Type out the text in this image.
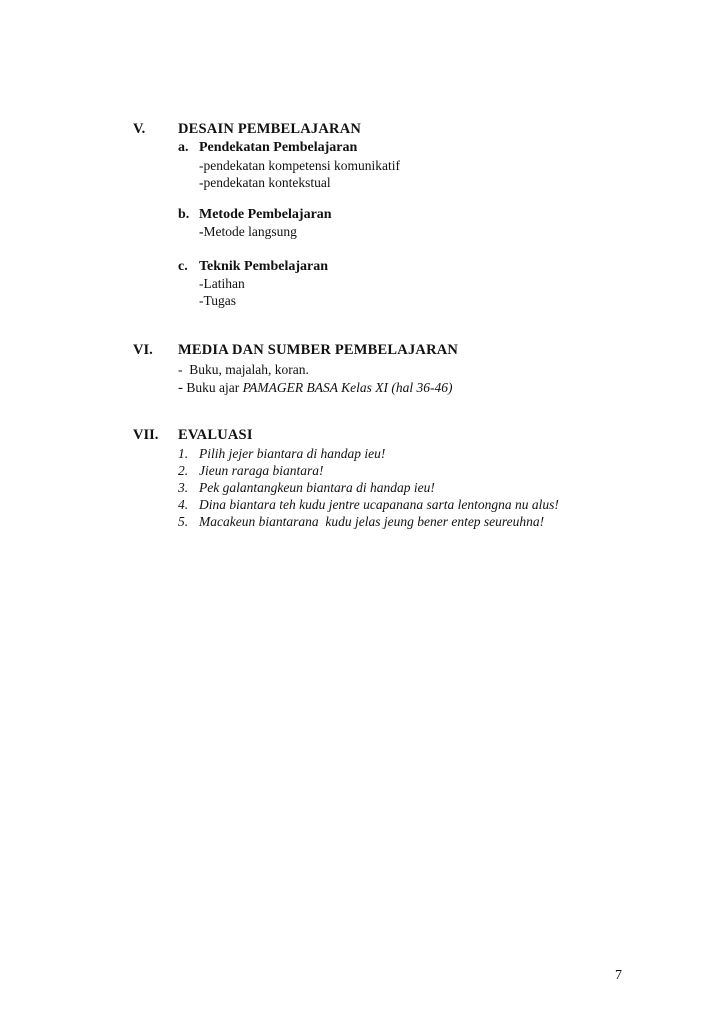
V. DESAIN PEMBELAJARAN
a. Pendekatan Pembelajaran
-pendekatan kompetensi komunikatif
-pendekatan kontekstual
b. Metode Pembelajaran
-Metode langsung
c. Teknik Pembelajaran
-Latihan
-Tugas
VI. MEDIA DAN SUMBER PEMBELAJARAN
- Buku, majalah, koran.
- Buku ajar PAMAGER BASA Kelas XI (hal 36-46)
VII. EVALUASI
1. Pilih jejer biantara di handap ieu!
2. Jieun raraga biantara!
3. Pek galantangkeun biantara di handap ieu!
4. Dina biantara teh kudu jentre ucapanana sarta lentongna nu alus!
5. Macakeun biantarana  kudu jelas jeung bener entep seureuhna!
7
